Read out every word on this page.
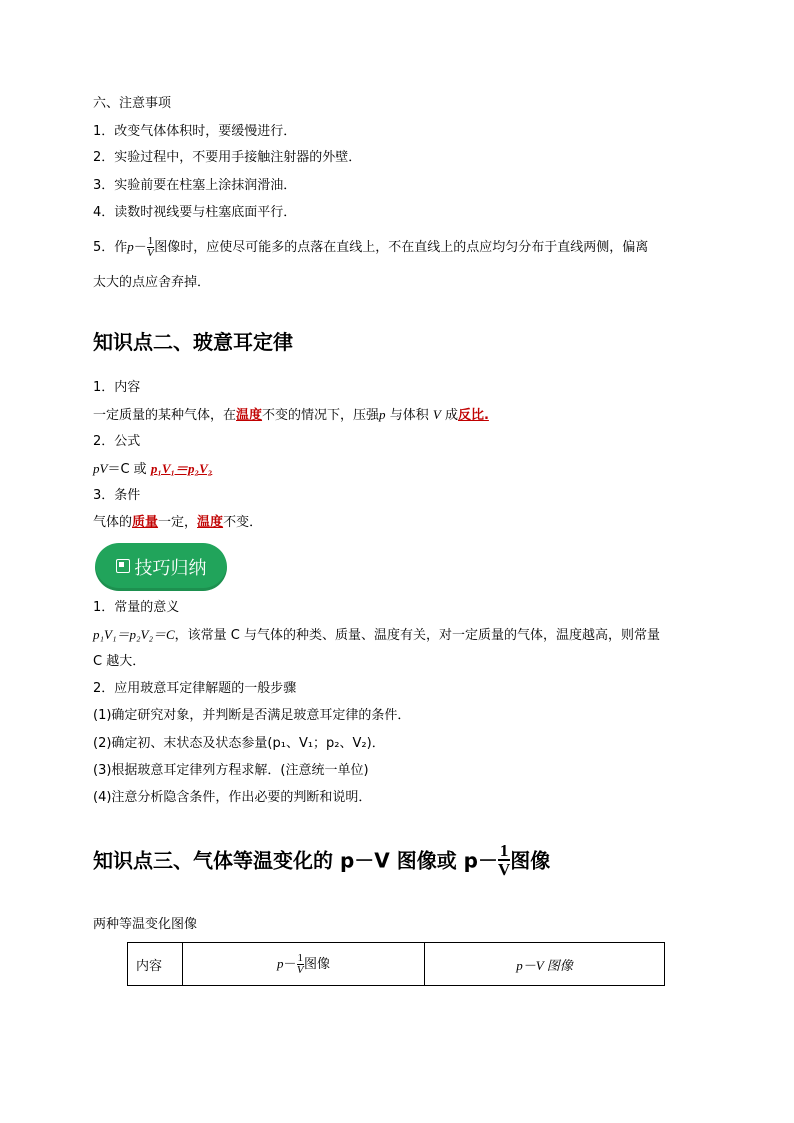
六、注意事项
1．改变气体体积时，要缓慢进行．
2．实验过程中，不要用手接触注射器的外壁．
3．实验前要在柱塞上涂抹润滑油．
4．读数时视线要与柱塞底面平行．
5．作$p- \frac{1}{V}$ 图像时，应使尽可能多的点落在直线上，不在直线上的点应均匀分布于直线两侧，偏离
太大的点应舍弃掉．
知识点二、玻意耳定律
1．内容
一定质量的某种气体，在温度不变的情况下，压强p 与体积 V 成反比.
2．公式
pV＝C 或 p₁V₁＝p₂V₂
3．条件
气体的质量一定，温度不变．
技巧归纳
1．常量的意义
p₁V₁＝p₂V₂＝C，该常量 C 与气体的种类、质量、温度有关，对一定质量的气体，温度越高，则常量
C 越大．
2．应用玻意耳定律解题的一般步骤
(1)确定研究对象，并判断是否满足玻意耳定律的条件．
(2)确定初、末状态及状态参量(p₁、V₁；p₂、V₂)．
(3)根据玻意耳定律列方程求解．(注意统一单位)
(4)注意分析隐含条件，作出必要的判断和说明．
知识点三、气体等温变化的 p－V 图像或 $p- \frac{1}{V}$ 图像
两种等温变化图像
内容	$p- \frac{1}{V}$ 图像	p－V 图像
